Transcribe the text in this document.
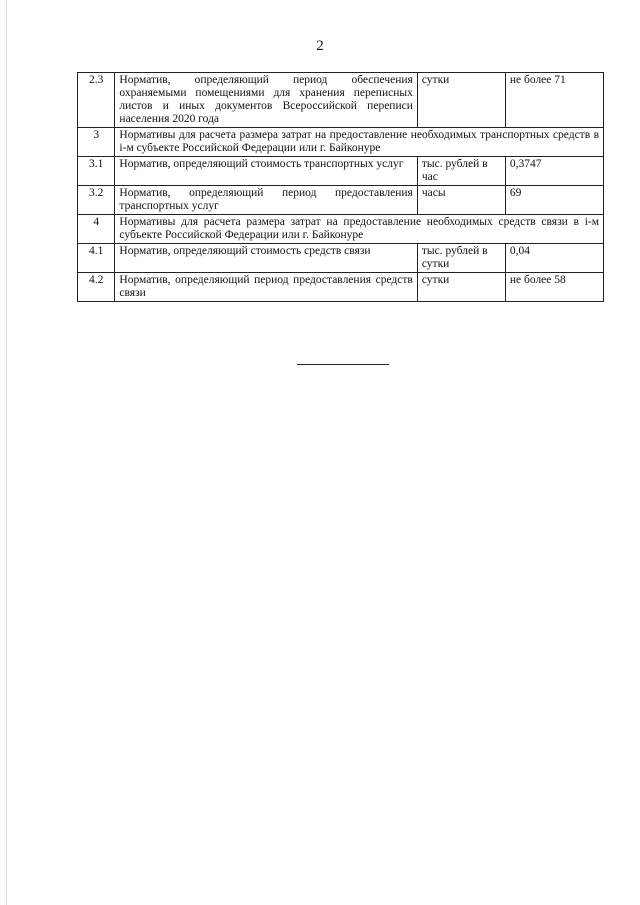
2
2.3	Норматив, определяющий период обеспечения охраняемыми помещениями для хранения переписных листов и иных документов Всероссийской переписи населения 2020 года	сутки	не более 71
3	Нормативы для расчета размера затрат на предоставление необходимых транспортных средств в i-м субъекте Российской Федерации или г. Байконуре		
3.1	Норматив, определяющий стоимость транспортных услуг	тыс. рублей в час	0,3747
3.2	Норматив, определяющий период предоставления транспортных услуг	часы	69
4	Нормативы для расчета размера затрат на предоставление необходимых средств связи в i-м субъекте Российской Федерации или г. Байконуре		
4.1	Норматив, определяющий стоимость средств связи	тыс. рублей в сутки	0,04
4.2	Норматив, определяющий период предоставления средств связи	сутки	не более 58
